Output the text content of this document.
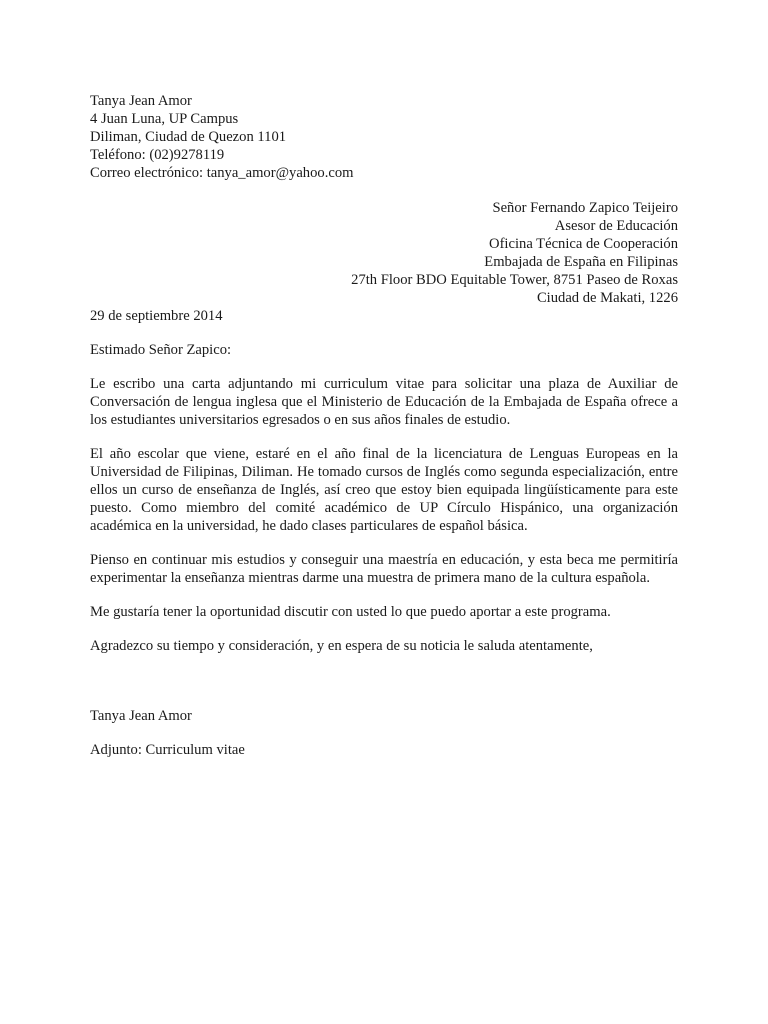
Tanya Jean Amor
4 Juan Luna, UP Campus
Diliman, Ciudad de Quezon 1101
Teléfono: (02)9278119
Correo electrónico: tanya_amor@yahoo.com
Señor Fernando Zapico Teijeiro
Asesor de Educación
Oficina Técnica de Cooperación
Embajada de España en Filipinas
27th Floor BDO Equitable Tower, 8751 Paseo de Roxas
Ciudad de Makati, 1226
29 de septiembre 2014
Estimado Señor Zapico:

Le escribo una carta adjuntando mi curriculum vitae para solicitar una plaza de Auxiliar de Conversación de lengua inglesa que el Ministerio de Educación de la Embajada de España ofrece a los estudiantes universitarios egresados o en sus años finales de estudio.

El año escolar que viene, estaré en el año final de la licenciatura de Lenguas Europeas en la Universidad de Filipinas, Diliman. He tomado cursos de Inglés como segunda especialización, entre ellos un curso de enseñanza de Inglés, así creo que estoy bien equipada lingüísticamente para este puesto. Como miembro del comité académico de UP Círculo Hispánico, una organización académica en la universidad, he dado clases particulares de español básica.

Pienso en continuar mis estudios y conseguir una maestría en educación, y esta beca me permitiría experimentar la enseñanza mientras darme una muestra de primera mano de la cultura española.

Me gustaría tener la oportunidad discutir con usted lo que puedo aportar a este programa.

Agradezco su tiempo y consideración, y en espera de su noticia le saluda atentamente,

Tanya Jean Amor
Adjunto: Curriculum vitae
